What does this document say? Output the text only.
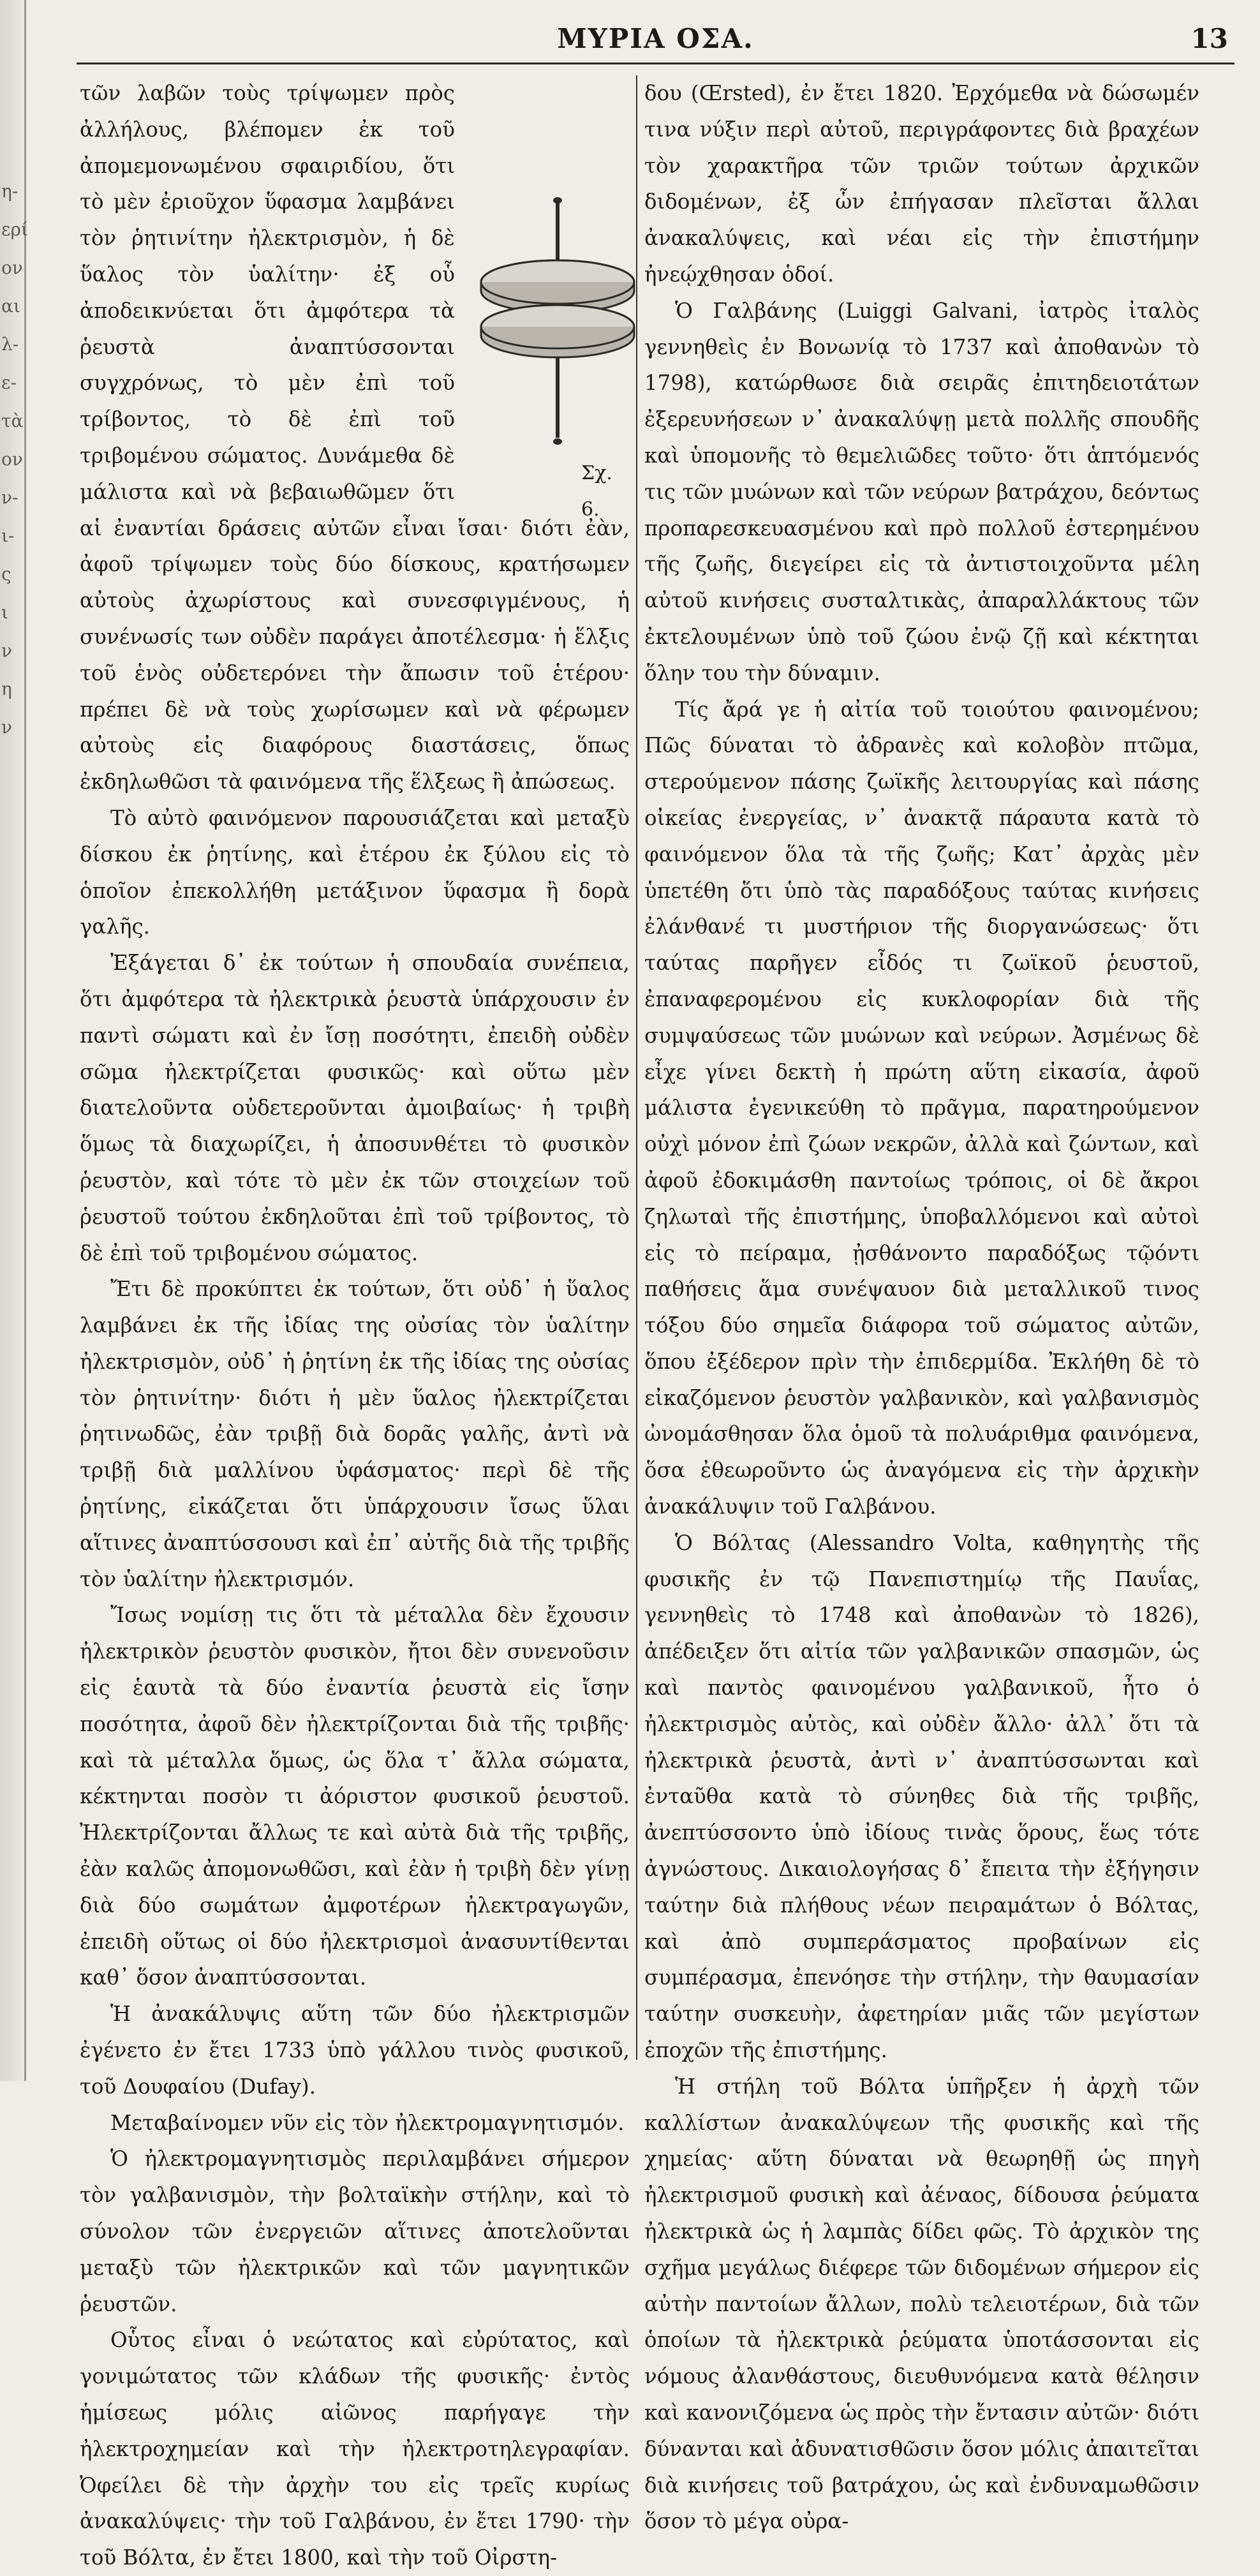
η-
ερί
ον
αι
λ-
ε-
τὰ
ον
ν-
ι-
ς
ι
ν
η
ν
ΜΥΡΙΑ ΟΣΑ.	13
Σχ. 6.

τῶν λαβῶν τοὺς τρίψωμεν πρὸς ἀλλήλους, βλέπομεν ἐκ τοῦ ἀπομεμονωμένου σφαιριδίου, ὅτι τὸ μὲν ἐριοῦχον ὕφασμα λαμβάνει τὸν ῥητινίτην ἠλεκτρισμὸν, ἡ δὲ ὕαλος τὸν ὑαλίτην· ἐξ οὗ ἀποδεικνύεται ὅτι ἀμφότερα τὰ ῥευστὰ ἀναπτύσσονται συγχρόνως, τὸ μὲν ἐπὶ τοῦ τρίβοντος, τὸ δὲ ἐπὶ τοῦ τριβομένου σώματος. Δυνάμεθα δὲ μάλιστα καὶ νὰ βεβαιωθῶμεν ὅτι αἱ ἐναντίαι δράσεις αὐτῶν εἶναι ἴσαι· διότι ἐὰν, ἀφοῦ τρίψωμεν τοὺς δύο δίσκους, κρατήσωμεν αὐτοὺς ἀχωρίστους καὶ συνεσφιγμένους, ἡ συνένωσίς των οὐδὲν παράγει ἀποτέλεσμα· ἡ ἕλξις τοῦ ἑνὸς οὐδετερόνει τὴν ἄπωσιν τοῦ ἑτέρου· πρέπει δὲ νὰ τοὺς χωρίσωμεν καὶ νὰ φέρωμεν αὐτοὺς εἰς διαφόρους διαστάσεις, ὅπως ἐκδηλωθῶσι τὰ φαινόμενα τῆς ἕλξεως ἢ ἀπώσεως.

Τὸ αὐτὸ φαινόμενον παρουσιάζεται καὶ μεταξὺ δίσκου ἐκ ῥητίνης, καὶ ἑτέρου ἐκ ξύλου εἰς τὸ ὁποῖον ἐπεκολλήθη μετάξινον ὕφασμα ἢ δορὰ γαλῆς.

Ἐξάγεται δ᾿ ἐκ τούτων ἡ σπουδαία συνέπεια, ὅτι ἀμφότερα τὰ ἠλεκτρικὰ ῥευστὰ ὑπάρχουσιν ἐν παντὶ σώματι καὶ ἐν ἴσῃ ποσότητι, ἐπειδὴ οὐδὲν σῶμα ἠλεκτρίζεται φυσικῶς· καὶ οὕτω μὲν διατελοῦντα οὐδετεροῦνται ἀμοιβαίως· ἡ τριβὴ ὅμως τὰ διαχωρίζει, ἡ ἀποσυνθέτει τὸ φυσικὸν ῥευστὸν, καὶ τότε τὸ μὲν ἐκ τῶν στοιχείων τοῦ ῥευστοῦ τούτου ἐκδηλοῦται ἐπὶ τοῦ τρίβοντος, τὸ δὲ ἐπὶ τοῦ τριβομένου σώματος.

Ἔτι δὲ προκύπτει ἐκ τούτων, ὅτι οὐδ᾿ ἡ ὕαλος λαμβάνει ἐκ τῆς ἰδίας της οὐσίας τὸν ὑαλίτην ἠλεκτρισμὸν, οὐδ᾿ ἡ ῥητίνη ἐκ τῆς ἰδίας της οὐσίας τὸν ῥητινίτην· διότι ἡ μὲν ὕαλος ἠλεκτρίζεται ῥητινωδῶς, ἐὰν τριβῇ διὰ δορᾶς γαλῆς, ἀντὶ νὰ τριβῇ διὰ μαλλίνου ὑφάσματος· περὶ δὲ τῆς ῥητίνης, εἰκάζεται ὅτι ὑπάρχουσιν ἴσως ὕλαι αἵτινες ἀναπτύσσουσι καὶ ἐπ᾿ αὐτῆς διὰ τῆς τριβῆς τὸν ὑαλίτην ἠλεκτρισμόν.

Ἴσως νομίσῃ τις ὅτι τὰ μέταλλα δὲν ἔχουσιν ἠλεκτρικὸν ῥευστὸν φυσικὸν, ἤτοι δὲν συνενοῦσιν εἰς ἑαυτὰ τὰ δύο ἐναντία ῥευστὰ εἰς ἴσην ποσότητα, ἀφοῦ δὲν ἠλεκτρίζονται διὰ τῆς τριβῆς· καὶ τὰ μέταλλα ὅμως, ὡς ὅλα τ᾿ ἄλλα σώματα, κέκτηνται ποσὸν τι ἀόριστον φυσικοῦ ῥευστοῦ. Ἠλεκτρίζονται ἄλλως τε καὶ αὐτὰ διὰ τῆς τριβῆς, ἐὰν καλῶς ἀπομονωθῶσι, καὶ ἐὰν ἡ τριβὴ δὲν γίνῃ διὰ δύο σωμάτων ἀμφοτέρων ἠλεκτραγωγῶν, ἐπειδὴ οὕτως οἱ δύο ἠλεκτρισμοὶ ἀνασυντίθενται καθ᾿ ὅσον ἀναπτύσσονται.

Ἡ ἀνακάλυψις αὕτη τῶν δύο ἠλεκτρισμῶν ἐγένετο ἐν ἔτει 1733 ὑπὸ γάλλου τινὸς φυσικοῦ, τοῦ Δουφαίου (Dufay).

Μεταβαίνομεν νῦν εἰς τὸν ἠλεκτρομαγνητισμόν.

Ὁ ἠλεκτρομαγνητισμὸς περιλαμβάνει σήμερον τὸν γαλβανισμὸν, τὴν βολταϊκὴν στήλην, καὶ τὸ σύνολον τῶν ἐνεργειῶν αἵτινες ἀποτελοῦνται μεταξὺ τῶν ἠλεκτρικῶν καὶ τῶν μαγνητικῶν ῥευστῶν.

Οὗτος εἶναι ὁ νεώτατος καὶ εὐρύτατος, καὶ γονιμώτατος τῶν κλάδων τῆς φυσικῆς· ἐντὸς ἡμίσεως μόλις αἰῶνος παρήγαγε τὴν ἠλεκτροχημείαν καὶ τὴν ἠλεκτροτηλεγραφίαν. Ὀφείλει δὲ τὴν ἀρχὴν του εἰς τρεῖς κυρίως ἀνακαλύψεις· τὴν τοῦ Γαλβάνου, ἐν ἔτει 1790· τὴν τοῦ Βόλτα, ἐν ἔτει 1800, καὶ τὴν τοῦ Οἰρστη-

δου (Œrsted), ἐν ἔτει 1820. Ἐρχόμεθα νὰ δώσωμέν τινα νύξιν περὶ αὐτοῦ, περιγράφοντες διὰ βραχέων τὸν χαρακτῆρα τῶν τριῶν τούτων ἀρχικῶν διδομένων, ἐξ ὧν ἐπήγασαν πλεῖσται ἄλλαι ἀνακαλύψεις, καὶ νέαι εἰς τὴν ἐπιστήμην ἠνεῴχθησαν ὁδοί.

Ὁ Γαλβάνης (Luiggi Galvani, ἰατρὸς ἰταλὸς γεννηθεὶς ἐν Βονωνίᾳ τὸ 1737 καὶ ἀποθανὼν τὸ 1798), κατώρθωσε διὰ σειρᾶς ἐπιτηδειοτάτων ἐξερευνήσεων ν᾿ ἀνακαλύψῃ μετὰ πολλῆς σπουδῆς καὶ ὑπομονῆς τὸ θεμελιῶδες τοῦτο· ὅτι ἁπτόμενός τις τῶν μυώνων καὶ τῶν νεύρων βατράχου, δεόντως προπαρεσκευασμένου καὶ πρὸ πολλοῦ ἐστερημένου τῆς ζωῆς, διεγείρει εἰς τὰ ἀντιστοιχοῦντα μέλη αὐτοῦ κινήσεις συσταλτικὰς, ἀπαραλλάκτους τῶν ἐκτελουμένων ὑπὸ τοῦ ζώου ἐνῷ ζῇ καὶ κέκτηται ὅλην του τὴν δύναμιν.

Τίς ἄρά γε ἡ αἰτία τοῦ τοιούτου φαινομένου; Πῶς δύναται τὸ ἀδρανὲς καὶ κολοβὸν πτῶμα, στερούμενον πάσης ζωϊκῆς λειτουργίας καὶ πάσης οἰκείας ἐνεργείας, ν᾿ ἀνακτᾷ πάραυτα κατὰ τὸ φαινόμενον ὅλα τὰ τῆς ζωῆς; Κατ᾿ ἀρχὰς μὲν ὑπετέθη ὅτι ὑπὸ τὰς παραδόξους ταύτας κινήσεις ἐλάνθανέ τι μυστήριον τῆς διοργανώσεως· ὅτι ταύτας παρῆγεν εἶδός τι ζωϊκοῦ ῥευστοῦ, ἐπαναφερομένου εἰς κυκλοφορίαν διὰ τῆς συμψαύσεως τῶν μυώνων καὶ νεύρων. Ἀσμένως δὲ εἶχε γίνει δεκτὴ ἡ πρώτη αὕτη εἰκασία, ἀφοῦ μάλιστα ἐγενικεύθη τὸ πρᾶγμα, παρατηρούμενον οὐχὶ μόνον ἐπὶ ζώων νεκρῶν, ἀλλὰ καὶ ζώντων, καὶ ἀφοῦ ἐδοκιμάσθη παντοίως τρόποις, οἱ δὲ ἄκροι ζηλωταὶ τῆς ἐπιστήμης, ὑποβαλλόμενοι καὶ αὐτοὶ εἰς τὸ πείραμα, ᾐσθάνοντο παραδόξως τῷόντι παθήσεις ἅμα συνέψαυον διὰ μεταλλικοῦ τινος τόξου δύο σημεῖα διάφορα τοῦ σώματος αὐτῶν, ὅπου ἐξέδερον πρὶν τὴν ἐπιδερμίδα. Ἐκλήθη δὲ τὸ εἰκαζόμενον ῥευστὸν γαλβανικὸν, καὶ γαλβανισμὸς ὠνομάσθησαν ὅλα ὁμοῦ τὰ πολυάριθμα φαινόμενα, ὅσα ἐθεωροῦντο ὡς ἀναγόμενα εἰς τὴν ἀρχικὴν ἀνακάλυψιν τοῦ Γαλβάνου.

Ὁ Βόλτας (Alessandro Volta, καθηγητὴς τῆς φυσικῆς ἐν τῷ Πανεπιστημίῳ τῆς Παυΐας, γεννηθεὶς τὸ 1748 καὶ ἀποθανὼν τὸ 1826), ἀπέδειξεν ὅτι αἰτία τῶν γαλβανικῶν σπασμῶν, ὡς καὶ παντὸς φαινομένου γαλβανικοῦ, ἦτο ὁ ἠλεκτρισμὸς αὐτὸς, καὶ οὐδὲν ἄλλο· ἀλλ᾿ ὅτι τὰ ἠλεκτρικὰ ῥευστὰ, ἀντὶ ν᾿ ἀναπτύσσωνται καὶ ἐνταῦθα κατὰ τὸ σύνηθες διὰ τῆς τριβῆς, ἀνεπτύσσοντο ὑπὸ ἰδίους τινὰς ὅρους, ἕως τότε ἀγνώστους. Δικαιολογήσας δ᾿ ἔπειτα τὴν ἐξήγησιν ταύτην διὰ πλήθους νέων πειραμάτων ὁ Βόλτας, καὶ ἀπὸ συμπεράσματος προβαίνων εἰς συμπέρασμα, ἐπενόησε τὴν στήλην, τὴν θαυμασίαν ταύτην συσκευὴν, ἀφετηρίαν μιᾶς τῶν μεγίστων ἐποχῶν τῆς ἐπιστήμης.

Ἡ στήλη τοῦ Βόλτα ὑπῆρξεν ἡ ἀρχὴ τῶν καλλίστων ἀνακαλύψεων τῆς φυσικῆς καὶ τῆς χημείας· αὕτη δύναται νὰ θεωρηθῇ ὡς πηγὴ ἠλεκτρισμοῦ φυσικὴ καὶ ἀέναος, δίδουσα ῥεύματα ἠλεκτρικὰ ὡς ἡ λαμπὰς δίδει φῶς. Τὸ ἀρχικὸν της σχῆμα μεγάλως διέφερε τῶν διδομένων σήμερον εἰς αὐτὴν παντοίων ἄλλων, πολὺ τελειοτέρων, διὰ τῶν ὁποίων τὰ ἠλεκτρικὰ ῥεύματα ὑποτάσσονται εἰς νόμους ἀλανθάστους, διευθυνόμενα κατὰ θέλησιν καὶ κανονιζόμενα ὡς πρὸς τὴν ἔντασιν αὐτῶν· διότι δύνανται καὶ ἀδυνατισθῶσιν ὅσον μόλις ἀπαιτεῖται διὰ κινήσεις τοῦ βατράχου, ὡς καὶ ἐνδυναμωθῶσιν ὅσον τὸ μέγα οὐρα-
